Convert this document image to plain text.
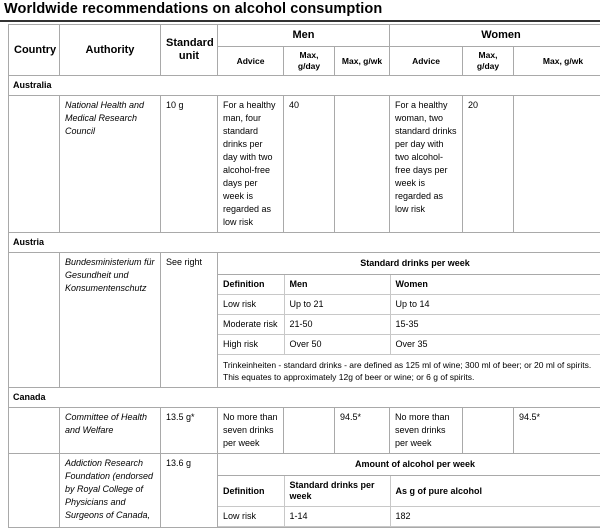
Worldwide recommendations on alcohol consumption
Country	Authority	Standard unit	Men	Women
Advice	Max, g/day	Max, g/wk	Advice	Max, g/day	Max, g/wk
Australia
	National Health and Medical Research Council	10 g	For a healthy man, four standard drinks per day with two alcohol-free days per week is regarded as low risk	40		For a healthy woman, two standard drinks per day with two alcohol-free days per week is regarded as low risk	20	
Austria
	Bundesministerium für Gesundheit und Konsumentenschutz	See right		Standard drinks per week
Definition	Men	Women
Low risk	Up to 21	Up to 14
Moderate risk	21-50	15-35
High risk	Over 50	Over 35
Trinkeinheiten - standard drinks - are defined as 125 ml of wine; 300 ml of beer; or 20 ml of spirits. This equates to approximately 12g of beer or wine; or 6 g of spirits.

Canada
	Committee of Health and Welfare	13.5 g*	No more than seven drinks per week		94.5*	No more than seven drinks per week		94.5*
	Addiction Research Foundation (endorsed by Royal College of Physicians and Surgeons of Canada,	13.6 g		Amount of alcohol per week
Definition	Standard drinks per week	As g of pure alcohol
Low risk	1-14	182
